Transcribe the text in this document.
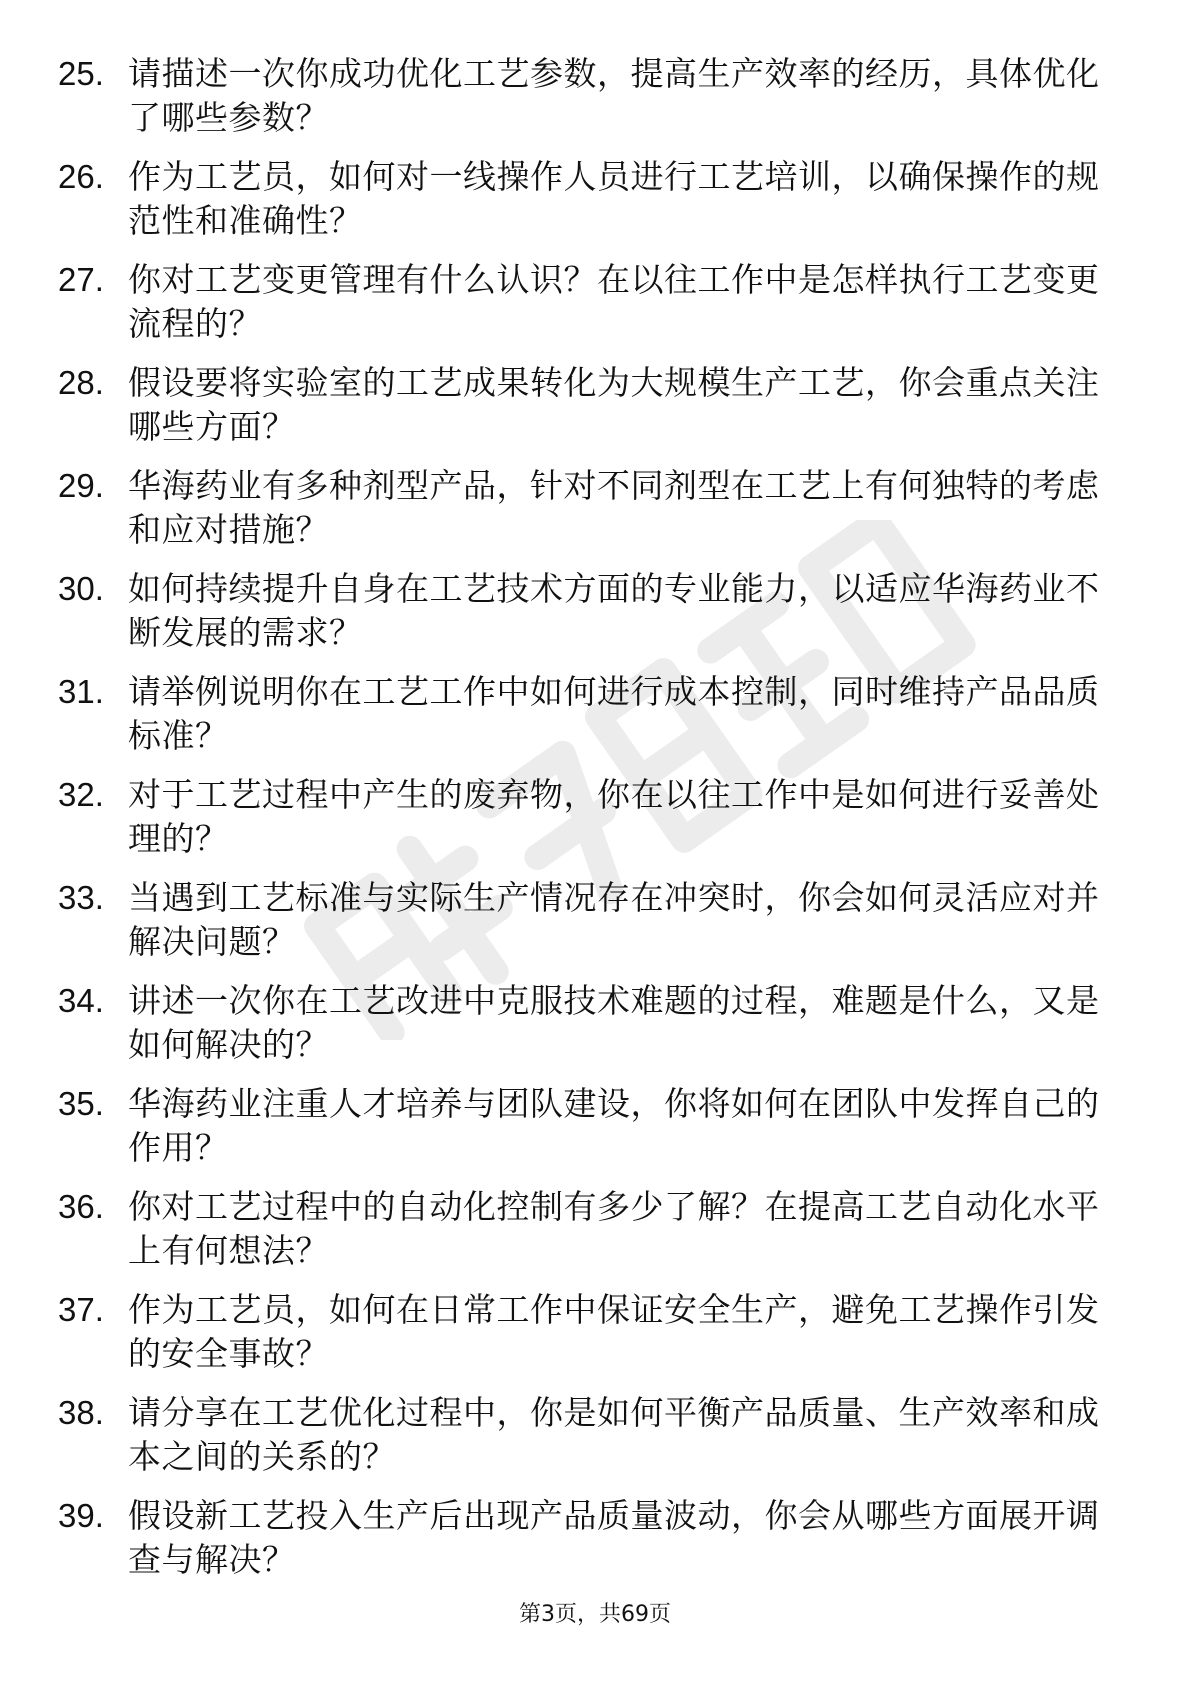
25. 请描述一次你成功优化工艺参数，提高生产效率的经历，具体优化了哪些参数？
26. 作为工艺员，如何对一线操作人员进行工艺培训，以确保操作的规范性和准确性？
27. 你对工艺变更管理有什么认识？在以往工作中是怎样执行工艺变更流程的？
28. 假设要将实验室的工艺成果转化为大规模生产工艺，你会重点关注哪些方面？
29. 华海药业有多种剂型产品，针对不同剂型在工艺上有何独特的考虑和应对措施？
30. 如何持续提升自身在工艺技术方面的专业能力，以适应华海药业不断发展的需求？
31. 请举例说明你在工艺工作中如何进行成本控制，同时维持产品品质标准？
32. 对于工艺过程中产生的废弃物，你在以往工作中是如何进行妥善处理的？
33. 当遇到工艺标准与实际生产情况存在冲突时，你会如何灵活应对并解决问题？
34. 讲述一次你在工艺改进中克服技术难题的过程，难题是什么，又是如何解决的？
35. 华海药业注重人才培养与团队建设，你将如何在团队中发挥自己的作用？
36. 你对工艺过程中的自动化控制有多少了解？在提高工艺自动化水平上有何想法？
37. 作为工艺员，如何在日常工作中保证安全生产，避免工艺操作引发的安全事故？
38. 请分享在工艺优化过程中，你是如何平衡产品质量、生产效率和成本之间的关系的？
39. 假设新工艺投入生产后出现产品质量波动，你会从哪些方面展开调查与解决？
第3页，共69页
